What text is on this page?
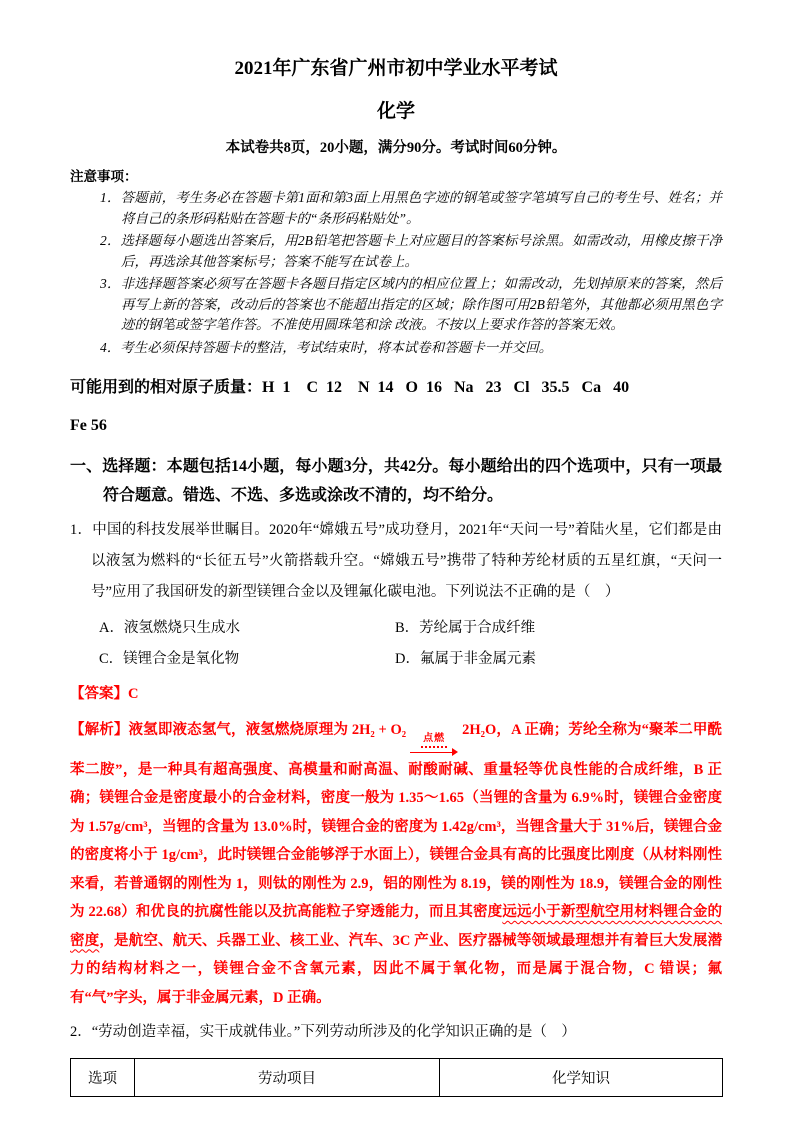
2021年广东省广州市初中学业水平考试
化学
本试卷共8页，20小题，满分90分。考试时间60分钟。
注意事项：
1．答题前，考生务必在答题卡第1面和第3面上用黑色字迹的钢笔或签字笔填写自己的考生号、姓名；并将自己的条形码粘贴在答题卡的“条形码粘贴处”。
2．选择题每小题选出答案后，用2B铅笔把答题卡上对应题目的答案标号涂黑。如需改动，用橡皮擦干净后，再选涂其他答案标号；答案不能写在试卷上。
3．非选择题答案必须写在答题卡各题目指定区域内的相应位置上；如需改动，先划掉原来的答案，然后再写上新的答案，改动后的答案也不能超出指定的区域；除作图可用2B铅笔外，其他都必须用黑色字迹的钢笔或签字笔作答。不准使用圆珠笔和涂 改液。不按以上要求作答的答案无效。
4．考生必须保持答题卡的整洁，考试结束时，将本试卷和答题卡一并交回。
可能用到的相对原子质量：H  1    C  12    N  14   O  16   Na   23   Cl   35.5   Ca   40
Fe 56
一、选择题：本题包括14小题，每小题3分，共42分。每小题给出的四个选项中，只有一项最符合题意。错选、不选、多选或涂改不清的，均不给分。
1．中国的科技发展举世瞩目。2020年“嫦娥五号”成功登月，2021年“天问一号”着陆火星，它们都是由以液氢为燃料的“长征五号”火箭搭载升空。“嫦娥五号”携带了特种芳纶材质的五星红旗，“天问一号”应用了我国研发的新型镁锂合金以及锂氟化碳电池。下列说法不正确的是（　）
A．液氢燃烧只生成水	B．芳纶属于合成纤维
C．镁锂合金是氧化物	D．氟属于非金属元素
【答案】C
【解析】液氢即液态氢气，液氢燃烧原理为 2H₂ + O₂
点燃
2H₂O，A 正确；芳纶全称为“聚苯二甲酰苯二胺”，是一种具有超高强度、高模量和耐高温、耐酸耐碱、重量轻等优良性能的合成纤维，B 正确；镁锂合金是密度最小的合金材料，密度一般为 1.35～1.65（当锂的含量为 6.9%时，镁锂合金密度为 1.57g/cm³，当锂的含量为 13.0%时，镁锂合金的密度为 1.42g/cm³，当锂含量大于 31%后，镁锂合金的密度将小于 1g/cm³，此时镁锂合金能够浮于水面上），镁锂合金具有高的比强度比刚度（从材料刚性来看，若普通钢的刚性为 1，则钛的刚性为 2.9，铝的刚性为 8.19，镁的刚性为 18.9，镁锂合金的刚性为 22.68）和优良的抗腐性能以及抗高能粒子穿透能力，而且其密度远远小于新型航空用材料锂合金的密度，是航空、航天、兵器工业、核工业、汽车、3C 产业、医疗器械等领域最理想并有着巨大发展潜力的结构材料之一，镁锂合金不含氧元素，因此不属于氧化物，而是属于混合物，C 错误；氟有“气”字头，属于非金属元素，D 正确。
2．“劳动创造幸福，实干成就伟业。”下列劳动所涉及的化学知识正确的是（　）
选项	劳动项目	化学知识
